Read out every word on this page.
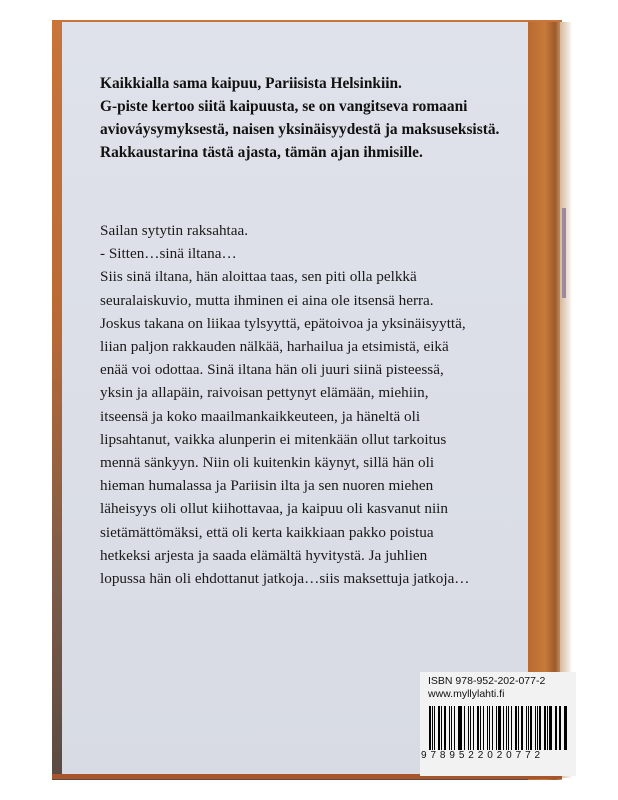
Kaikkialla sama kaipuu, Pariisista Helsinkiin.
G-piste kertoo siitä kaipuusta, se on vangitseva romaani
aviováysymyksestä, naisen yksinäisyydestä ja maksuseksistä.
Rakkaustarina tästä ajasta, tämän ajan ihmisille.
Sailan sytytin raksahtaa.
- Sitten…sinä iltana…
Siis sinä iltana, hän aloittaa taas, sen piti olla pelkkä
seuralaiskuvio, mutta ihminen ei aina ole itsensä herra.
Joskus takana on liikaa tylsyyttä, epätoivoa ja yksinäisyyttä,
liian paljon rakkauden nälkää, harhailua ja etsimistä, eikä
enää voi odottaa. Sinä iltana hän oli juuri siinä pisteessä,
yksin ja allapäin, raivoisan pettynyt elämään, miehiin,
itseensä ja koko maailmankaikkeuteen, ja häneltä oli
lipsahtanut, vaikka alunperin ei mitenkään ollut tarkoitus
mennä sänkyyn. Niin oli kuitenkin käynyt, sillä hän oli
hieman humalassa ja Pariisin ilta ja sen nuoren miehen
läheisyys oli ollut kiihottavaa, ja kaipuu oli kasvanut niin
sietämättömäksi, että oli kerta kaikkiaan pakko poistua
hetkeksi arjesta ja saada elämältä hyvitystä. Ja juhlien
lopussa hän oli ehdottanut jatkoja…siis maksettuja jatkoja…
ISBN 978-952-202-077-2
www.myllylahti.fi
9789522020772
